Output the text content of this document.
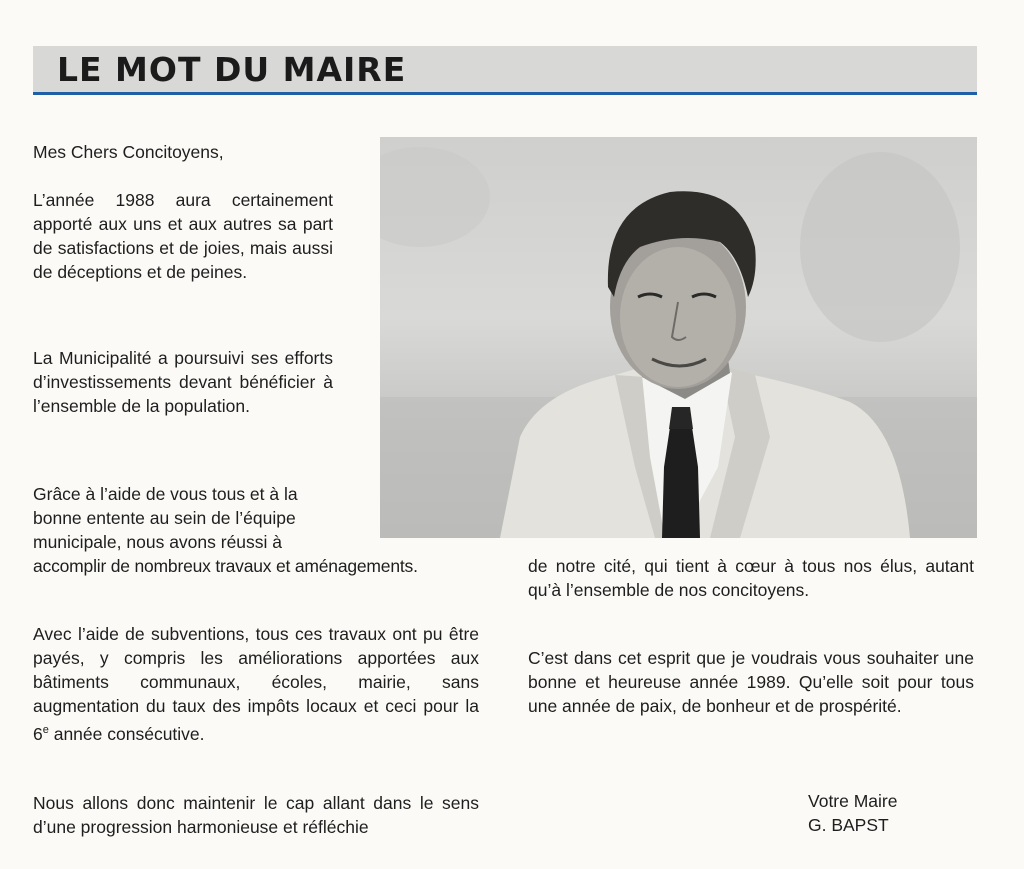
LE MOT DU MAIRE

Mes Chers Concitoyens,

L’année 1988 aura certainement apporté aux uns et aux autres sa part de satisfactions et de joies, mais aussi de déceptions et de peines.

La Municipalité a poursuivi ses efforts d’investissements devant bénéficier à l’ensemble de la population.

Grâce à l’aide de vous tous et à la bonne entente au sein de l’équipe municipale, nous avons réussi à

accomplir de nombreux travaux et aménagements.

Avec l’aide de subventions, tous ces travaux ont pu être payés, y compris les améliorations apportées aux bâtiments communaux, écoles, mairie, sans augmentation du taux des impôts locaux et ceci pour la 6e année consécutive.

Nous allons donc maintenir le cap allant dans le sens d’une progression harmonieuse et réfléchie

de notre cité, qui tient à cœur à tous nos élus, autant qu’à l’ensemble de nos concitoyens.

C’est dans cet esprit que je voudrais vous souhaiter une bonne et heureuse année 1989. Qu’elle soit pour tous une année de paix, de bonheur et de prospérité.

Votre Maire
G. BAPST
